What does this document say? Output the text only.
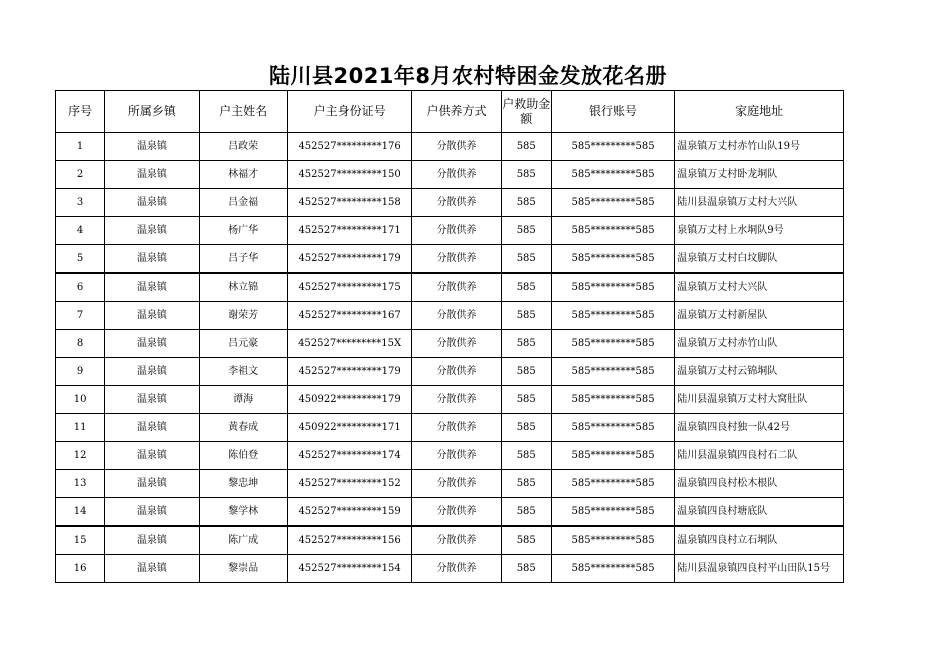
陆川县2021年8月农村特困金发放花名册
序号	所属乡镇	户主姓名	户主身份证号	户供养方式	户救助金额	银行账号	家庭地址
1	温泉镇	吕政荣	452527*********176	分散供养	585	585*********585	温泉镇万丈村赤竹山队19号
2	温泉镇	林福才	452527*********150	分散供养	585	585*********585	温泉镇万丈村卧龙垌队
3	温泉镇	吕金福	452527*********158	分散供养	585	585*********585	陆川县温泉镇万丈村大兴队
4	温泉镇	杨广华	452527*********171	分散供养	585	585*********585	泉镇万丈村上水垌队9号
5	温泉镇	吕子华	452527*********179	分散供养	585	585*********585	温泉镇万丈村白坟脚队
6	温泉镇	林立锦	452527*********175	分散供养	585	585*********585	温泉镇万丈村大兴队
7	温泉镇	谢荣芳	452527*********167	分散供养	585	585*********585	温泉镇万丈村新屋队
8	温泉镇	吕元豪	452527*********15X	分散供养	585	585*********585	温泉镇万丈村赤竹山队
9	温泉镇	李祖文	452527*********179	分散供养	585	585*********585	温泉镇万丈村云锦垌队
10	温泉镇	谭海	450922*********179	分散供养	585	585*********585	陆川县温泉镇万丈村大窝肚队
11	温泉镇	黄春成	450922*********171	分散供养	585	585*********585	温泉镇四良村独一队42号
12	温泉镇	陈伯登	452527*********174	分散供养	585	585*********585	陆川县温泉镇四良村石二队
13	温泉镇	黎忠坤	452527*********152	分散供养	585	585*********585	温泉镇四良村松木根队
14	温泉镇	黎学林	452527*********159	分散供养	585	585*********585	温泉镇四良村塘底队
15	温泉镇	陈广成	452527*********156	分散供养	585	585*********585	温泉镇四良村立石垌队
16	温泉镇	黎崇品	452527*********154	分散供养	585	585*********585	陆川县温泉镇四良村平山田队15号
